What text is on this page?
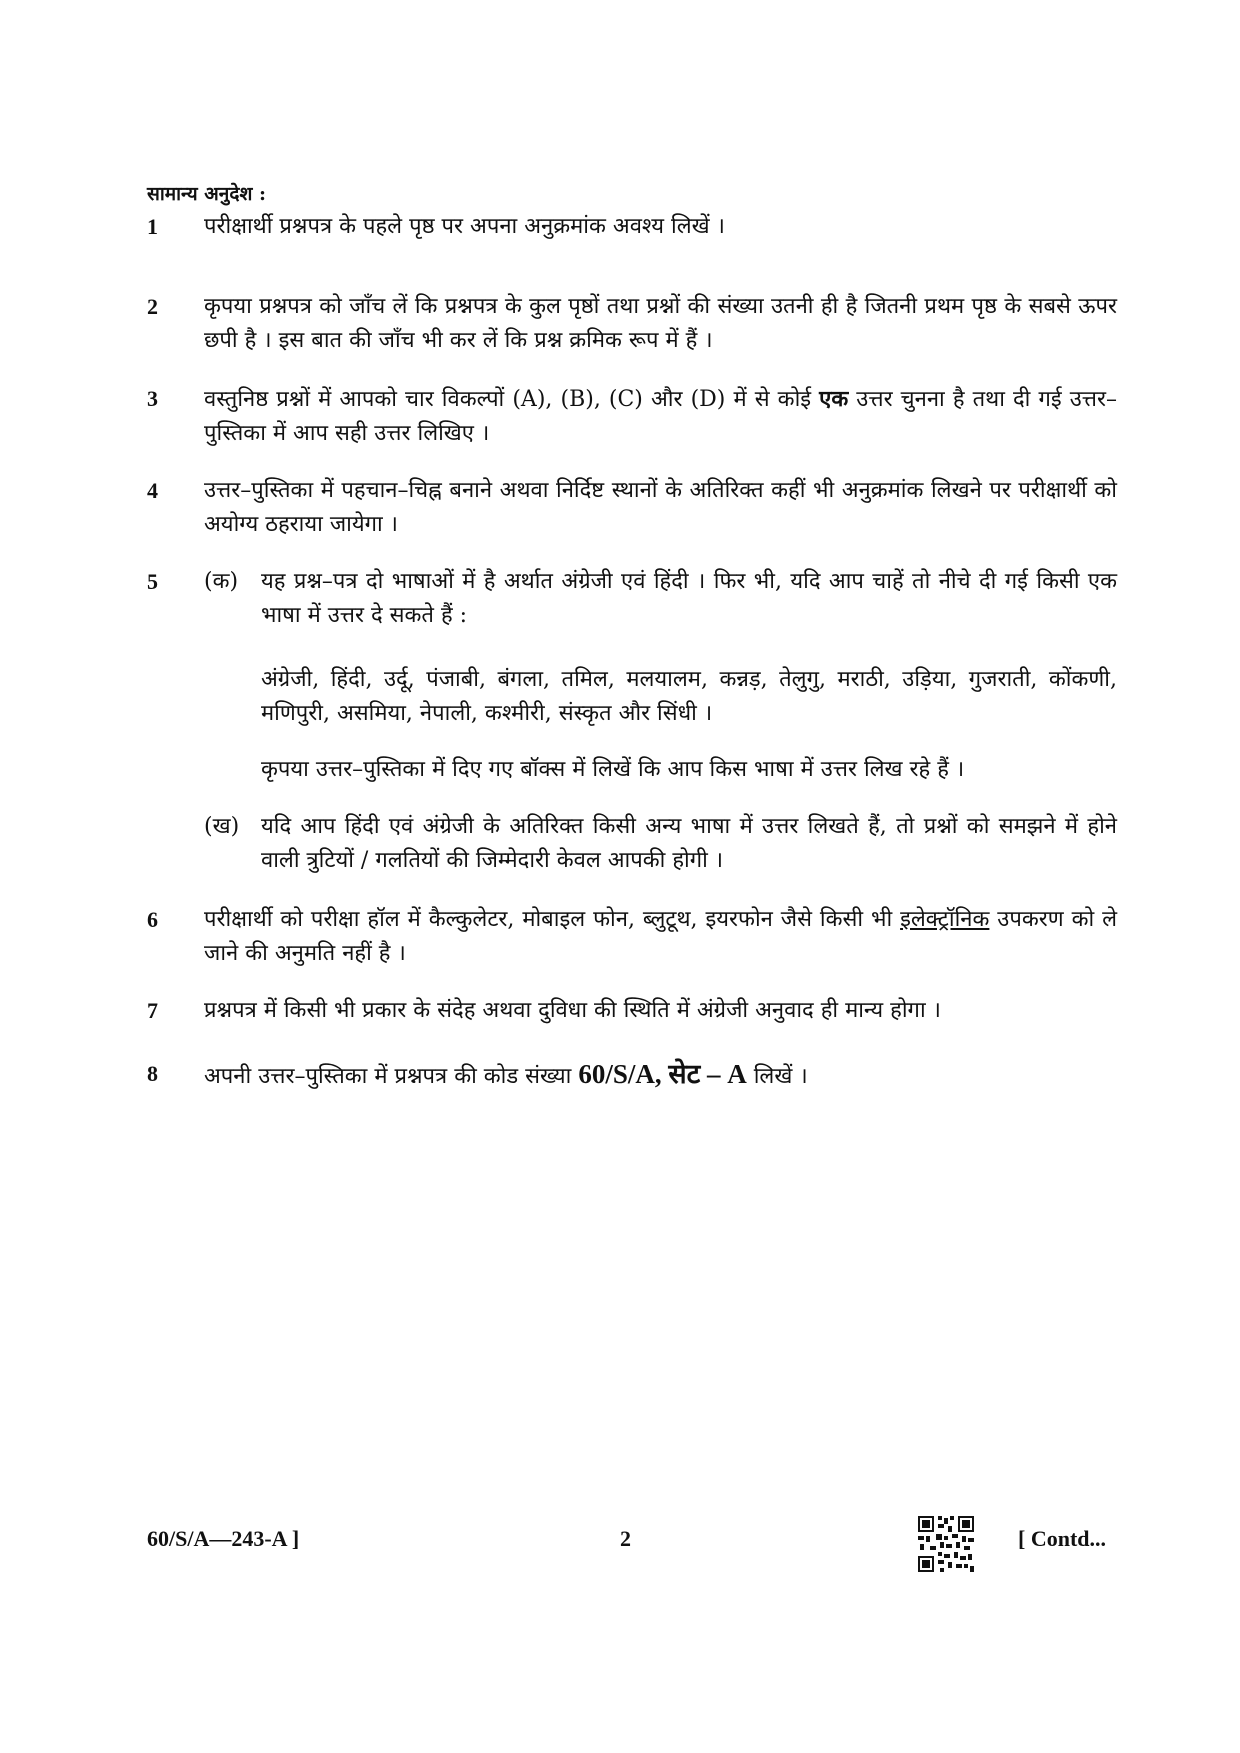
सामान्य अनुदेश :
1	परीक्षार्थी प्रश्नपत्र के पहले पृष्ठ पर अपना अनुक्रमांक अवश्य लिखें ।
2	कृपया प्रश्नपत्र को जाँच लें कि प्रश्नपत्र के कुल पृष्ठों तथा प्रश्नों की संख्या उतनी ही है जितनी प्रथम पृष्ठ के सबसे ऊपर छपी है । इस बात की जाँच भी कर लें कि प्रश्न क्रमिक रूप में हैं ।
3	वस्तुनिष्ठ प्रश्नों में आपको चार विकल्पों (A), (B), (C) और (D) में से कोई एक उत्तर चुनना है तथा दी गई उत्तर–पुस्तिका में आप सही उत्तर लिखिए ।
4	उत्तर–पुस्तिका में पहचान–चिह्न बनाने अथवा निर्दिष्ट स्थानों के अतिरिक्त कहीं भी अनुक्रमांक लिखने पर परीक्षार्थी को अयोग्य ठहराया जायेगा ।
5	(क)	यह प्रश्न–पत्र दो भाषाओं में है अर्थात अंग्रेजी एवं हिंदी । फिर भी, यदि आप चाहें तो नीचे दी गई किसी एक भाषा में उत्तर दे सकते हैं :
अंग्रेजी, हिंदी, उर्दू, पंजाबी, बंगला, तमिल, मलयालम, कन्नड़, तेलुगु, मराठी, उड़िया, गुजराती, कोंकणी, मणिपुरी, असमिया, नेपाली, कश्मीरी, संस्कृत और सिंधी ।
कृपया उत्तर–पुस्तिका में दिए गए बॉक्स में लिखें कि आप किस भाषा में उत्तर लिख रहे हैं ।
(ख) यदि आप हिंदी एवं अंग्रेजी के अतिरिक्त किसी अन्य भाषा में उत्तर लिखते हैं, तो प्रश्नों को समझने में होने वाली त्रुटियों / गलतियों की जिम्मेदारी केवल आपकी होगी ।
6	परीक्षार्थी को परीक्षा हॉल में कैल्कुलेटर, मोबाइल फोन, ब्लुटूथ, इयरफोन जैसे किसी भी इलेक्ट्रॉनिक उपकरण को ले जाने की अनुमति नहीं है ।
7	प्रश्नपत्र में किसी भी प्रकार के संदेह अथवा दुविधा की स्थिति में अंग्रेजी अनुवाद ही मान्य होगा ।
8	अपनी उत्तर–पुस्तिका में प्रश्नपत्र की कोड संख्या 60/S/A, सेट – A लिखें ।
60/S/A—243-A ]	2	[ Contd...
